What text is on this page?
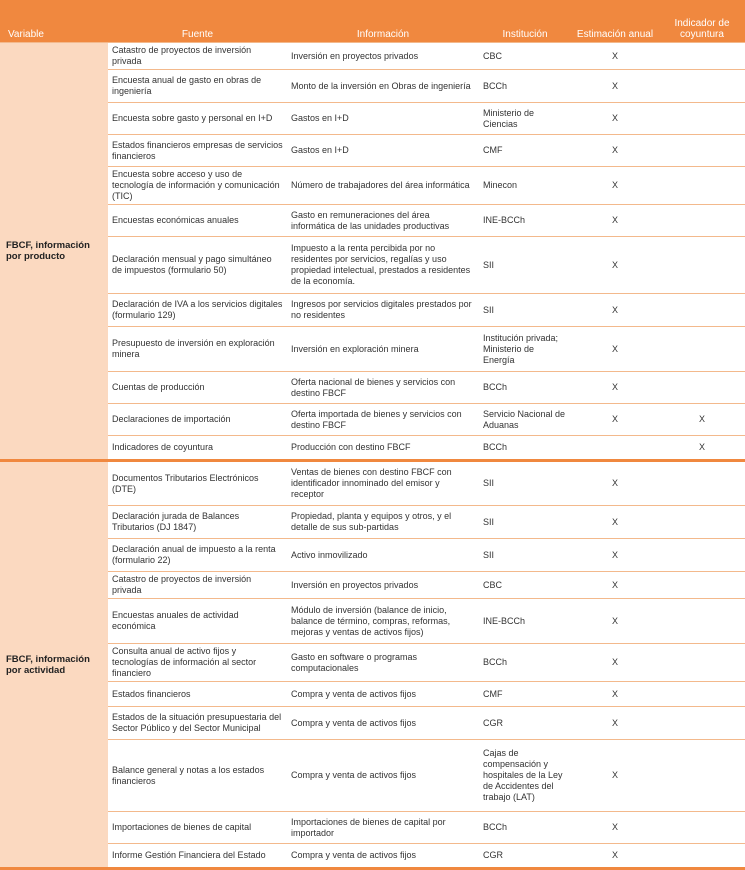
Variable	Fuente	Información	Institución	Estimación anual	Indicador de coyuntura
FBCF, información por producto	Catastro de proyectos de inversión privada	Inversión en proyectos privados	CBC	X	
	Encuesta anual de gasto en obras de ingeniería	Monto de la inversión en Obras de ingeniería	BCCh	X	
	Encuesta sobre gasto y personal en I+D	Gastos en I+D	Ministerio de Ciencias	X	
	Estados financieros empresas de servicios financieros	Gastos en I+D	CMF	X	
	Encuesta sobre acceso y uso de tecnología de información y comunicación (TIC)	Número de trabajadores del área informática	Minecon	X	
	Encuestas económicas anuales	Gasto en remuneraciones del área informática de las unidades productivas	INE-BCCh	X	
	Declaración mensual y pago simultáneo de impuestos (formulario 50)	Impuesto a la renta percibida por no residentes por servicios, regalías y uso propiedad intelectual, prestados a residentes de la economía.	SII	X	
	Declaración de IVA a los servicios digitales (formulario 129)	Ingresos por servicios digitales prestados por no residentes	SII	X	
	Presupuesto de inversión en exploración minera	Inversión en exploración minera	Institución privada; Ministerio de Energía	X	
	Cuentas de producción	Oferta nacional de bienes y servicios con destino FBCF	BCCh	X	
	Declaraciones de importación	Oferta importada de bienes y servicios con destino FBCF	Servicio Nacional de Aduanas	X	X
	Indicadores de coyuntura	Producción con destino FBCF	BCCh		X
FBCF, información por actividad	Documentos Tributarios Electrónicos (DTE)	Ventas de bienes con destino FBCF con identificador innominado del emisor y receptor	SII	X	
	Declaración jurada de Balances Tributarios (DJ 1847)	Propiedad, planta y equipos y otros, y el detalle de sus sub-partidas	SII	X	
	Declaración anual de impuesto a la renta (formulario 22)	Activo inmovilizado	SII	X	
	Catastro de proyectos de inversión privada	Inversión en proyectos privados	CBC	X	
	Encuestas anuales de actividad económica	Módulo de inversión (balance de inicio, balance de término, compras, reformas, mejoras y ventas de activos fijos)	INE-BCCh	X	
	Consulta anual de activo fijos y tecnologías de información al sector financiero	Gasto en software o programas computacionales	BCCh	X	
	Estados financieros	Compra y venta de activos fijos	CMF	X	
	Estados de la situación presupuestaria del Sector Público y del Sector Municipal	Compra y venta de activos fijos	CGR	X	
	Balance general y notas a los estados financieros	Compra y venta de activos fijos	Cajas de compensación y hospitales de la Ley de Accidentes del trabajo (LAT)	X	
	Importaciones de bienes de capital	Importaciones de bienes de capital por importador	BCCh	X	
	Informe Gestión Financiera del Estado	Compra y venta de activos fijos	CGR	X	
